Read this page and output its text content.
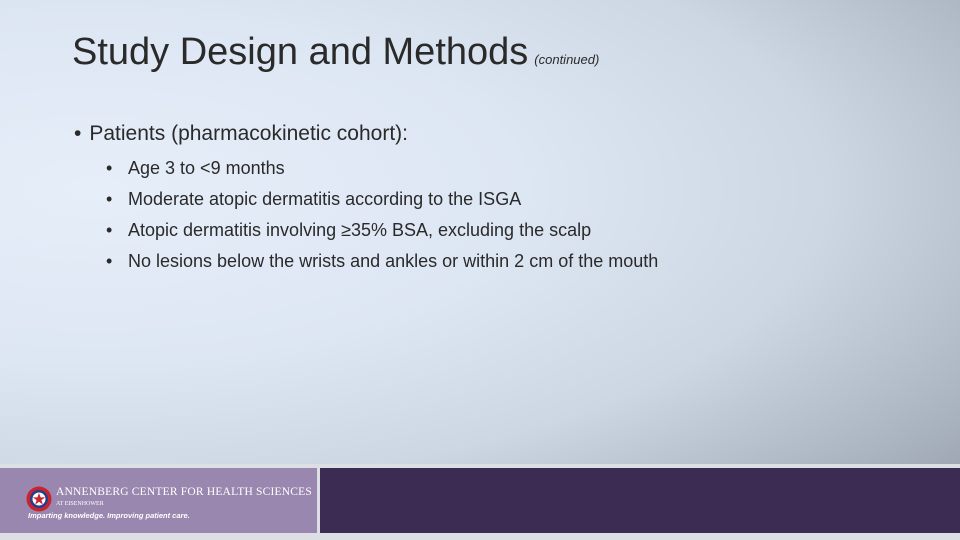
Study Design and Methods (continued)

• Patients (pharmacokinetic cohort):

• Age 3 to <9 months
• Moderate atopic dermatitis according to the ISGA
• Atopic dermatitis involving ≥35% BSA, excluding the scalp
• No lesions below the wrists and ankles or within 2 cm of the mouth

ANNENBERG CENTER FOR HEALTH SCIENCES

AT EISENHOWER

Imparting knowledge. Improving patient care.
